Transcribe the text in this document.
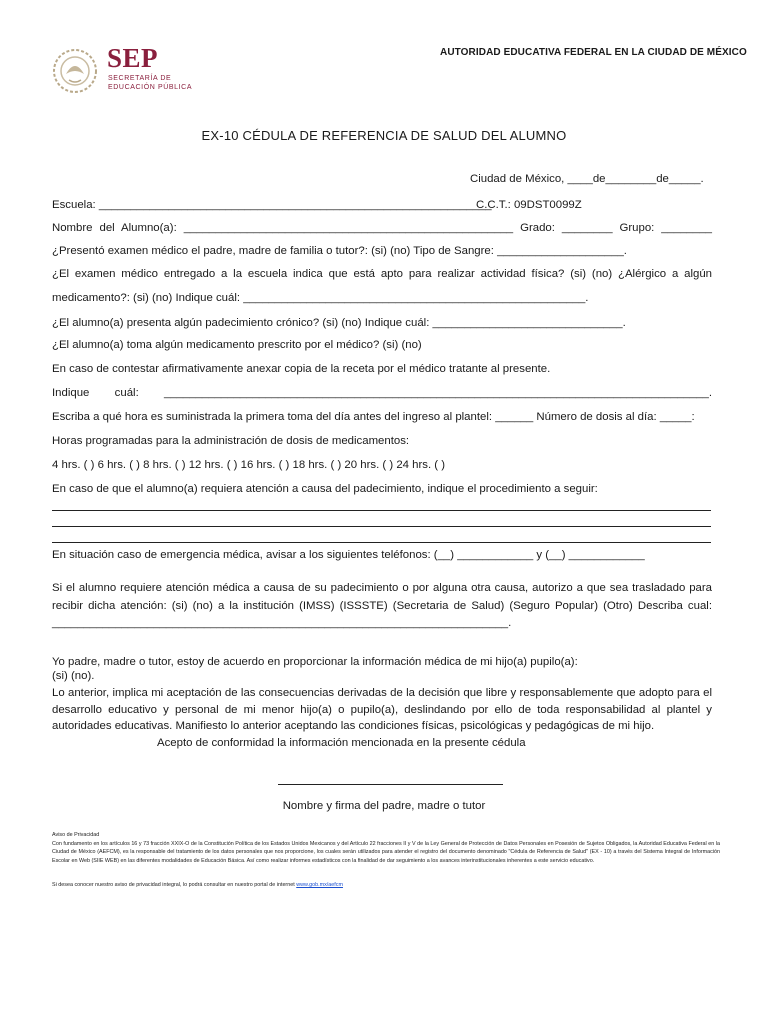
SEP
SECRETARÍA DE
EDUCACIÓN PÚBLICA
AUTORIDAD EDUCATIVA FEDERAL EN LA CIUDAD DE MÉXICO
EX-10 CÉDULA DE REFERENCIA DE SALUD DEL ALUMNO
Ciudad de México, ____de________de_____.
Escuela: ______________________________________________________________
C.C.T.: 09DST0099Z
Nombre del Alumno(a): ____________________________________________________ Grado: ________ Grupo: ________
¿Presentó examen médico el padre, madre de familia o tutor?: (si) (no) Tipo de Sangre: ____________________.
¿El examen médico entregado a la escuela indica que está apto para realizar actividad física? (si) (no) ¿Alérgico a algún
medicamento?: (si) (no) Indique cuál: ______________________________________________________.
¿El alumno(a) presenta algún padecimiento crónico? (si) (no) Indique cuál: ______________________________.
¿El alumno(a) toma algún medicamento prescrito por el médico? (si) (no)
En caso de contestar afirmativamente anexar copia de la receta por el médico tratante al presente.
Indique cuál: ______________________________________________________________________________________.
Escriba a qué hora es suministrada la primera toma del día antes del ingreso al plantel: ______ Número de dosis al día: _____:
Horas programadas para la administración de dosis de medicamentos:
4 hrs. ( ) 6 hrs. ( ) 8 hrs. ( ) 12 hrs. ( ) 16 hrs. ( ) 18 hrs. ( ) 20 hrs. ( ) 24 hrs. ( )
En caso de que el alumno(a) requiera atención a causa del padecimiento, indique el procedimiento a seguir:
En situación caso de emergencia médica, avisar a los siguientes teléfonos: (__) ____________ y (__) ____________
Si el alumno requiere atención médica a causa de su padecimiento o por alguna otra causa, autorizo a que sea trasladado para
recibir dicha atención: (si) (no) a la institución (IMSS) (ISSSTE) (Secretaria de Salud) (Seguro Popular) (Otro) Describa cual:
________________________________________________________________________.
Yo padre, madre o tutor, estoy de acuerdo en proporcionar la información médica de mi hijo(a) pupilo(a):
(si) (no).
Lo anterior, implica mi aceptación de las consecuencias derivadas de la decisión que libre y responsablemente que adopto para el desarrollo educativo y personal de mi menor hijo(a) o pupilo(a), deslindando por ello de toda responsabilidad al plantel y autoridades educativas. Manifiesto lo anterior aceptando las condiciones físicas, psicológicas y pedagógicas de mi hijo.
Acepto de conformidad la información mencionada en la presente cédula
Nombre y firma del padre, madre o tutor
Aviso de Privacidad
Con fundamento en los artículos 16 y 73 fracción XXIX-O de la Constitución Política de los Estados Unidos Mexicanos y del Artículo 22 fracciones II y V de la Ley General de Protección de Datos Personales en Posesión de Sujetos Obligados, la Autoridad Educativa Federal en la Ciudad de México (AEFCM), es la responsable del tratamiento de los datos personales que nos proporcione, los cuales serán utilizados para atender el registro del documento denominado "Cédula de Referencia de Salud" (EX - 10) a través del Sistema Integral de Información Escolar en Web (SIIE WEB) en las diferentes modalidades de Educación Básica. Así como realizar informes estadísticos con la finalidad de dar seguimiento a los avances interinstitucionales inherentes a este servicio educativo.
Si desea conocer nuestro aviso de privacidad integral, lo podrá consultar en nuestro portal de internet www.gob.mx/aefcm
